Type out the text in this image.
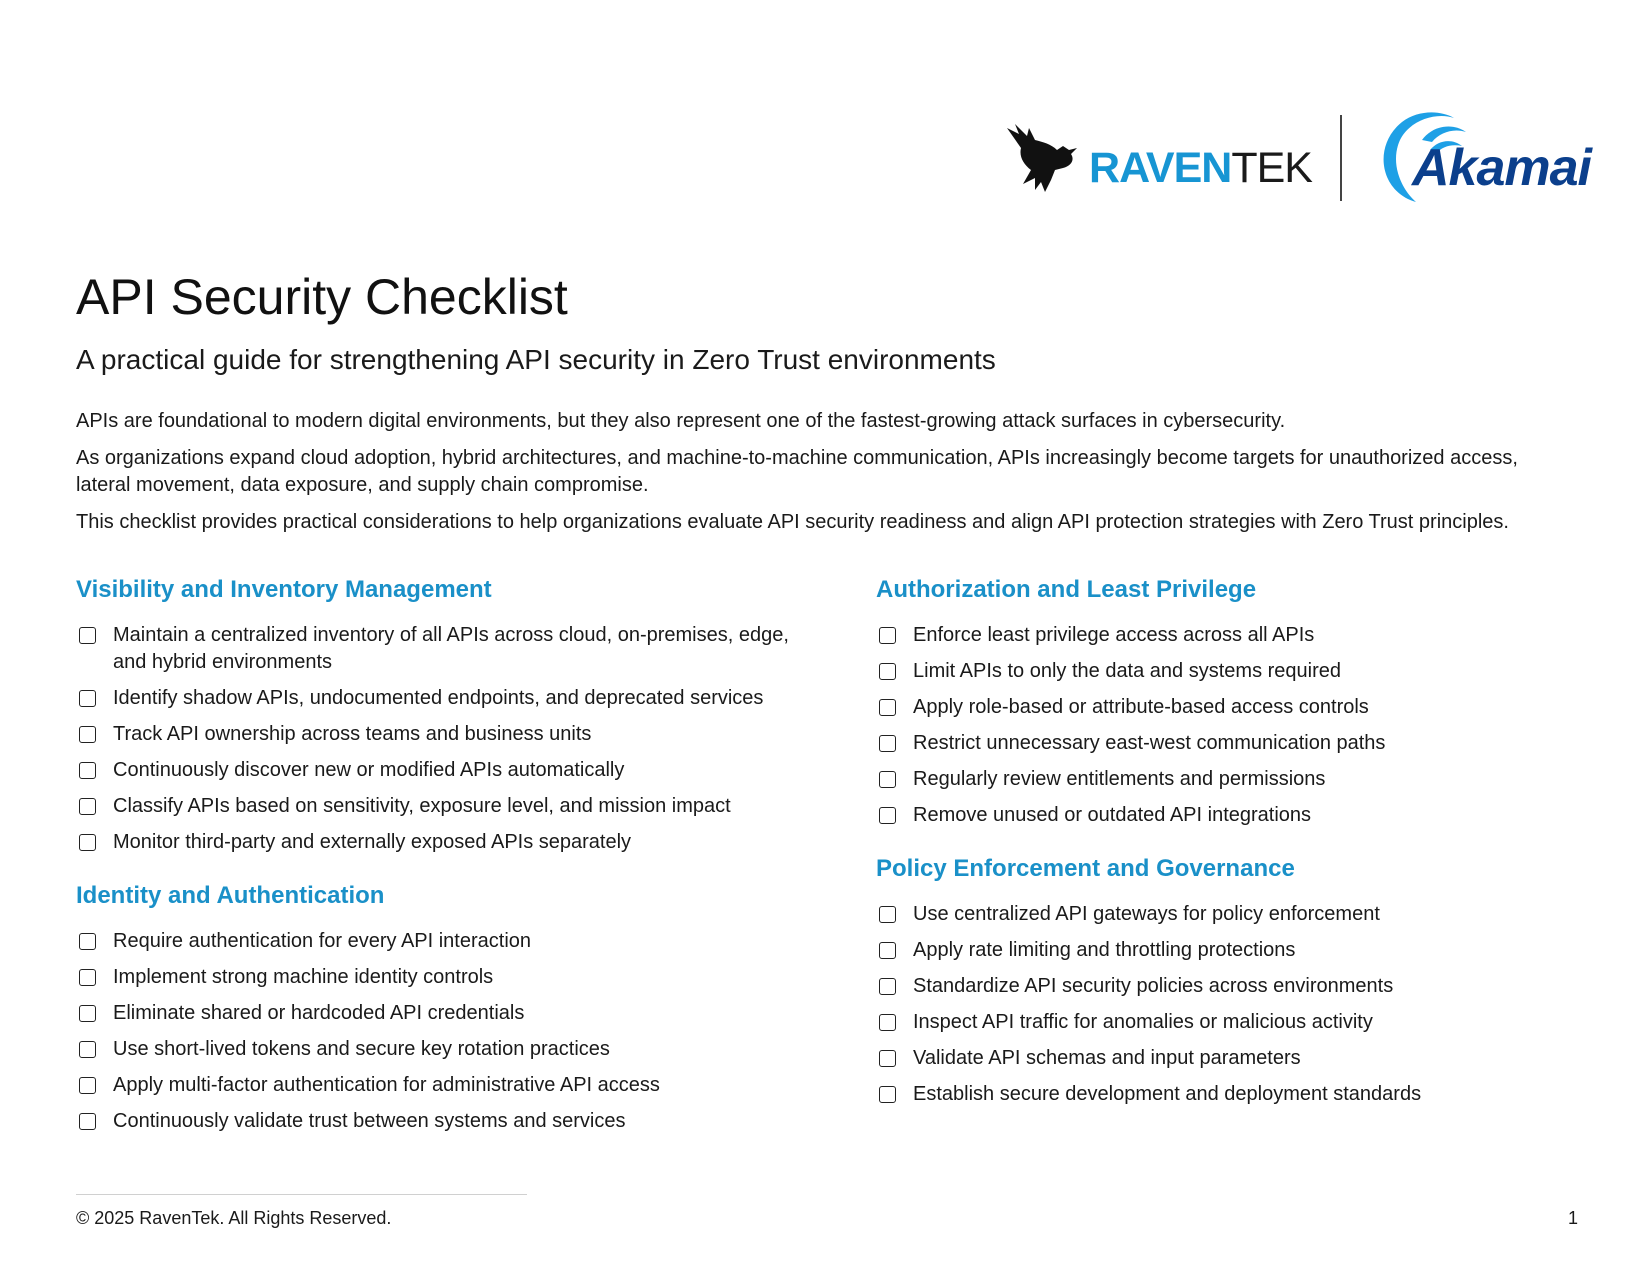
RAVENTEK Akamai
API Security Checklist
A practical guide for strengthening API security in Zero Trust environments

APIs are foundational to modern digital environments, but they also represent one of the fastest-growing attack surfaces in cybersecurity.

As organizations expand cloud adoption, hybrid architectures, and machine-to-machine communication, APIs increasingly become targets for unauthorized access, lateral movement, data exposure, and supply chain compromise.

This checklist provides practical considerations to help organizations evaluate API security readiness and align API protection strategies with Zero Trust principles.

Visibility and Inventory Management
Maintain a centralized inventory of all APIs across cloud, on-premises, edge, and hybrid environments
Identify shadow APIs, undocumented endpoints, and deprecated services
Track API ownership across teams and business units
Continuously discover new or modified APIs automatically
Classify APIs based on sensitivity, exposure level, and mission impact
Monitor third-party and externally exposed APIs separately
Identity and Authentication
Require authentication for every API interaction
Implement strong machine identity controls
Eliminate shared or hardcoded API credentials
Use short-lived tokens and secure key rotation practices
Apply multi-factor authentication for administrative API access
Continuously validate trust between systems and services
Authorization and Least Privilege
Enforce least privilege access across all APIs
Limit APIs to only the data and systems required
Apply role-based or attribute-based access controls
Restrict unnecessary east-west communication paths
Regularly review entitlements and permissions
Remove unused or outdated API integrations
Policy Enforcement and Governance
Use centralized API gateways for policy enforcement
Apply rate limiting and throttling protections
Standardize API security policies across environments
Inspect API traffic for anomalies or malicious activity
Validate API schemas and input parameters
Establish secure development and deployment standards
© 2025 RavenTek. All Rights Reserved.	1
